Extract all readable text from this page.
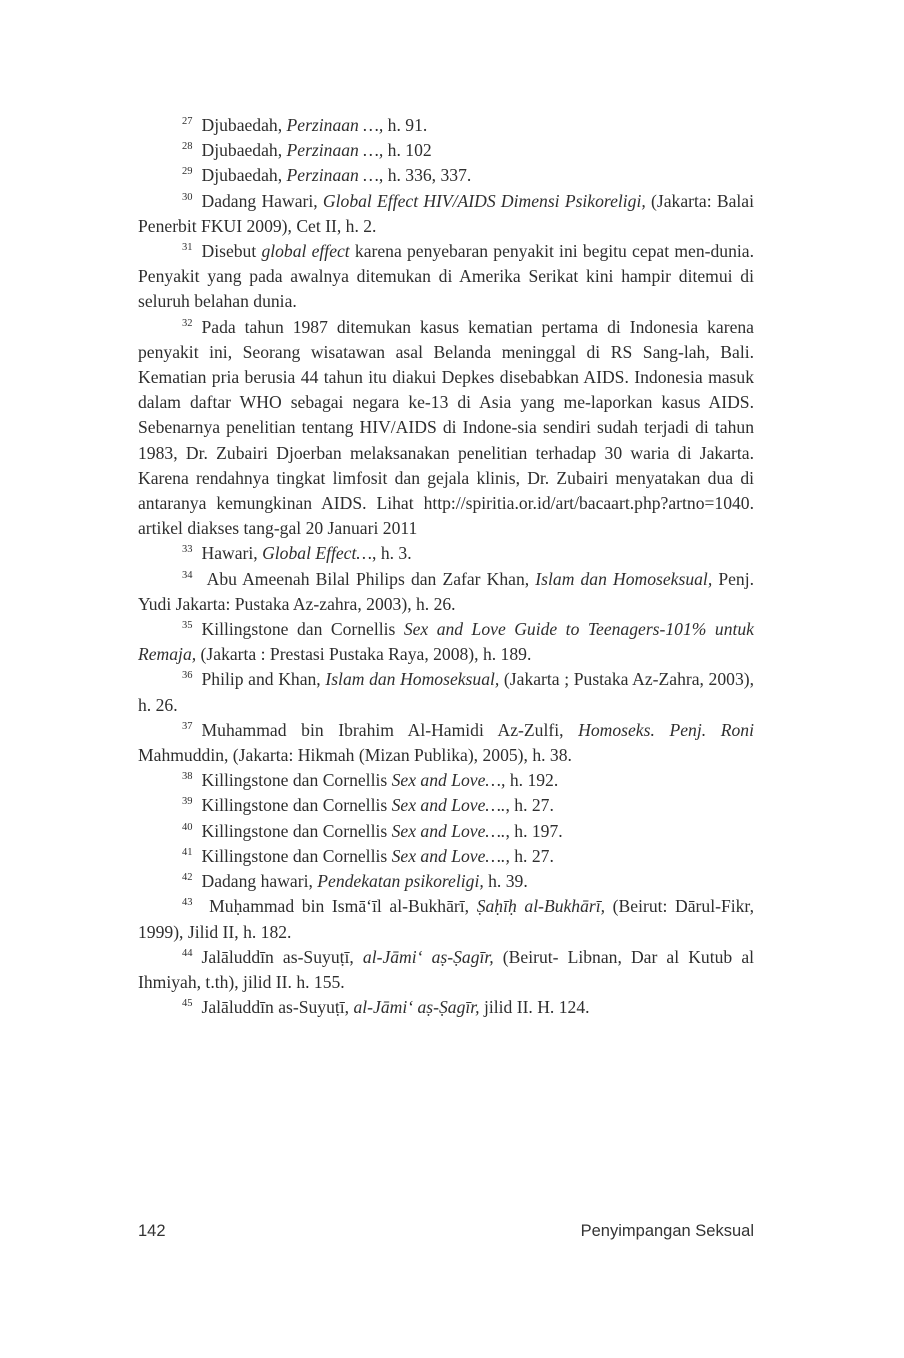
$^{27}$ Djubaedah, Perzinaan …, h. 91.

$^{28}$ Djubaedah, Perzinaan …, h. 102

$^{29}$ Djubaedah, Perzinaan …, h. 336, 337.

$^{30}$ Dadang Hawari, Global Effect HIV/AIDS Dimensi Psikoreligi, (Jakarta: Balai Penerbit FKUI 2009), Cet II, h. 2.

$^{31}$ Disebut global effect karena penyebaran penyakit ini begitu cepat men-dunia. Penyakit yang pada awalnya ditemukan di Amerika Serikat kini hampir ditemui di seluruh belahan dunia.

$^{32}$ Pada tahun 1987 ditemukan kasus kematian pertama di Indonesia karena penyakit ini, Seorang wisatawan asal Belanda meninggal di RS Sang-lah, Bali. Kematian pria berusia 44 tahun itu diakui Depkes disebabkan AIDS. Indonesia masuk dalam daftar WHO sebagai negara ke-13 di Asia yang me-laporkan kasus AIDS. Sebenarnya penelitian tentang HIV/AIDS di Indone-sia sendiri sudah terjadi di tahun 1983, Dr. Zubairi Djoerban melaksanakan penelitian terhadap 30 waria di Jakarta. Karena rendahnya tingkat limfosit dan gejala klinis, Dr. Zubairi menyatakan dua di antaranya kemungkinan AIDS. Lihat http://spiritia.or.id/art/bacaart.php?artno=1040. artikel diakses tang-gal 20 Januari 2011

$^{33}$ Hawari, Global Effect…, h. 3.

$^{34}$ Abu Ameenah Bilal Philips dan Zafar Khan, Islam dan Homoseksual, Penj. Yudi Jakarta: Pustaka Az-zahra, 2003), h. 26.

$^{35}$ Killingstone dan Cornellis Sex and Love Guide to Teenagers-101% untuk Remaja, (Jakarta : Prestasi Pustaka Raya, 2008), h. 189.

$^{36}$ Philip and Khan, Islam dan Homoseksual, (Jakarta ; Pustaka Az-Zahra, 2003), h. 26.

$^{37}$ Muhammad bin Ibrahim Al-Hamidi Az-Zulfi, Homoseks. Penj. Roni Mahmuddin, (Jakarta: Hikmah (Mizan Publika), 2005), h. 38.

$^{38}$ Killingstone dan Cornellis Sex and Love…, h. 192.

$^{39}$ Killingstone dan Cornellis Sex and Love…., h. 27.

$^{40}$ Killingstone dan Cornellis Sex and Love…., h. 197.

$^{41}$ Killingstone dan Cornellis Sex and Love…., h. 27.

$^{42}$ Dadang hawari, Pendekatan psikoreligi, h. 39.

$^{43}$ Muḥammad bin Ismā‘īl al-Bukhārī, Ṣaḥīḥ al-Bukhārī, (Beirut: Dārul-Fikr, 1999), Jilid II, h. 182.

$^{44}$ Jalāluddīn as-Suyuṭī, al-Jāmi‘ aṣ-Ṣagīr, (Beirut- Libnan, Dar al Kutub al Ihmiyah, t.th), jilid II. h. 155.

$^{45}$ Jalāluddīn as-Suyuṭī, al-Jāmi‘ aṣ-Ṣagīr, jilid II. H. 124.

142	Penyimpangan Seksual
